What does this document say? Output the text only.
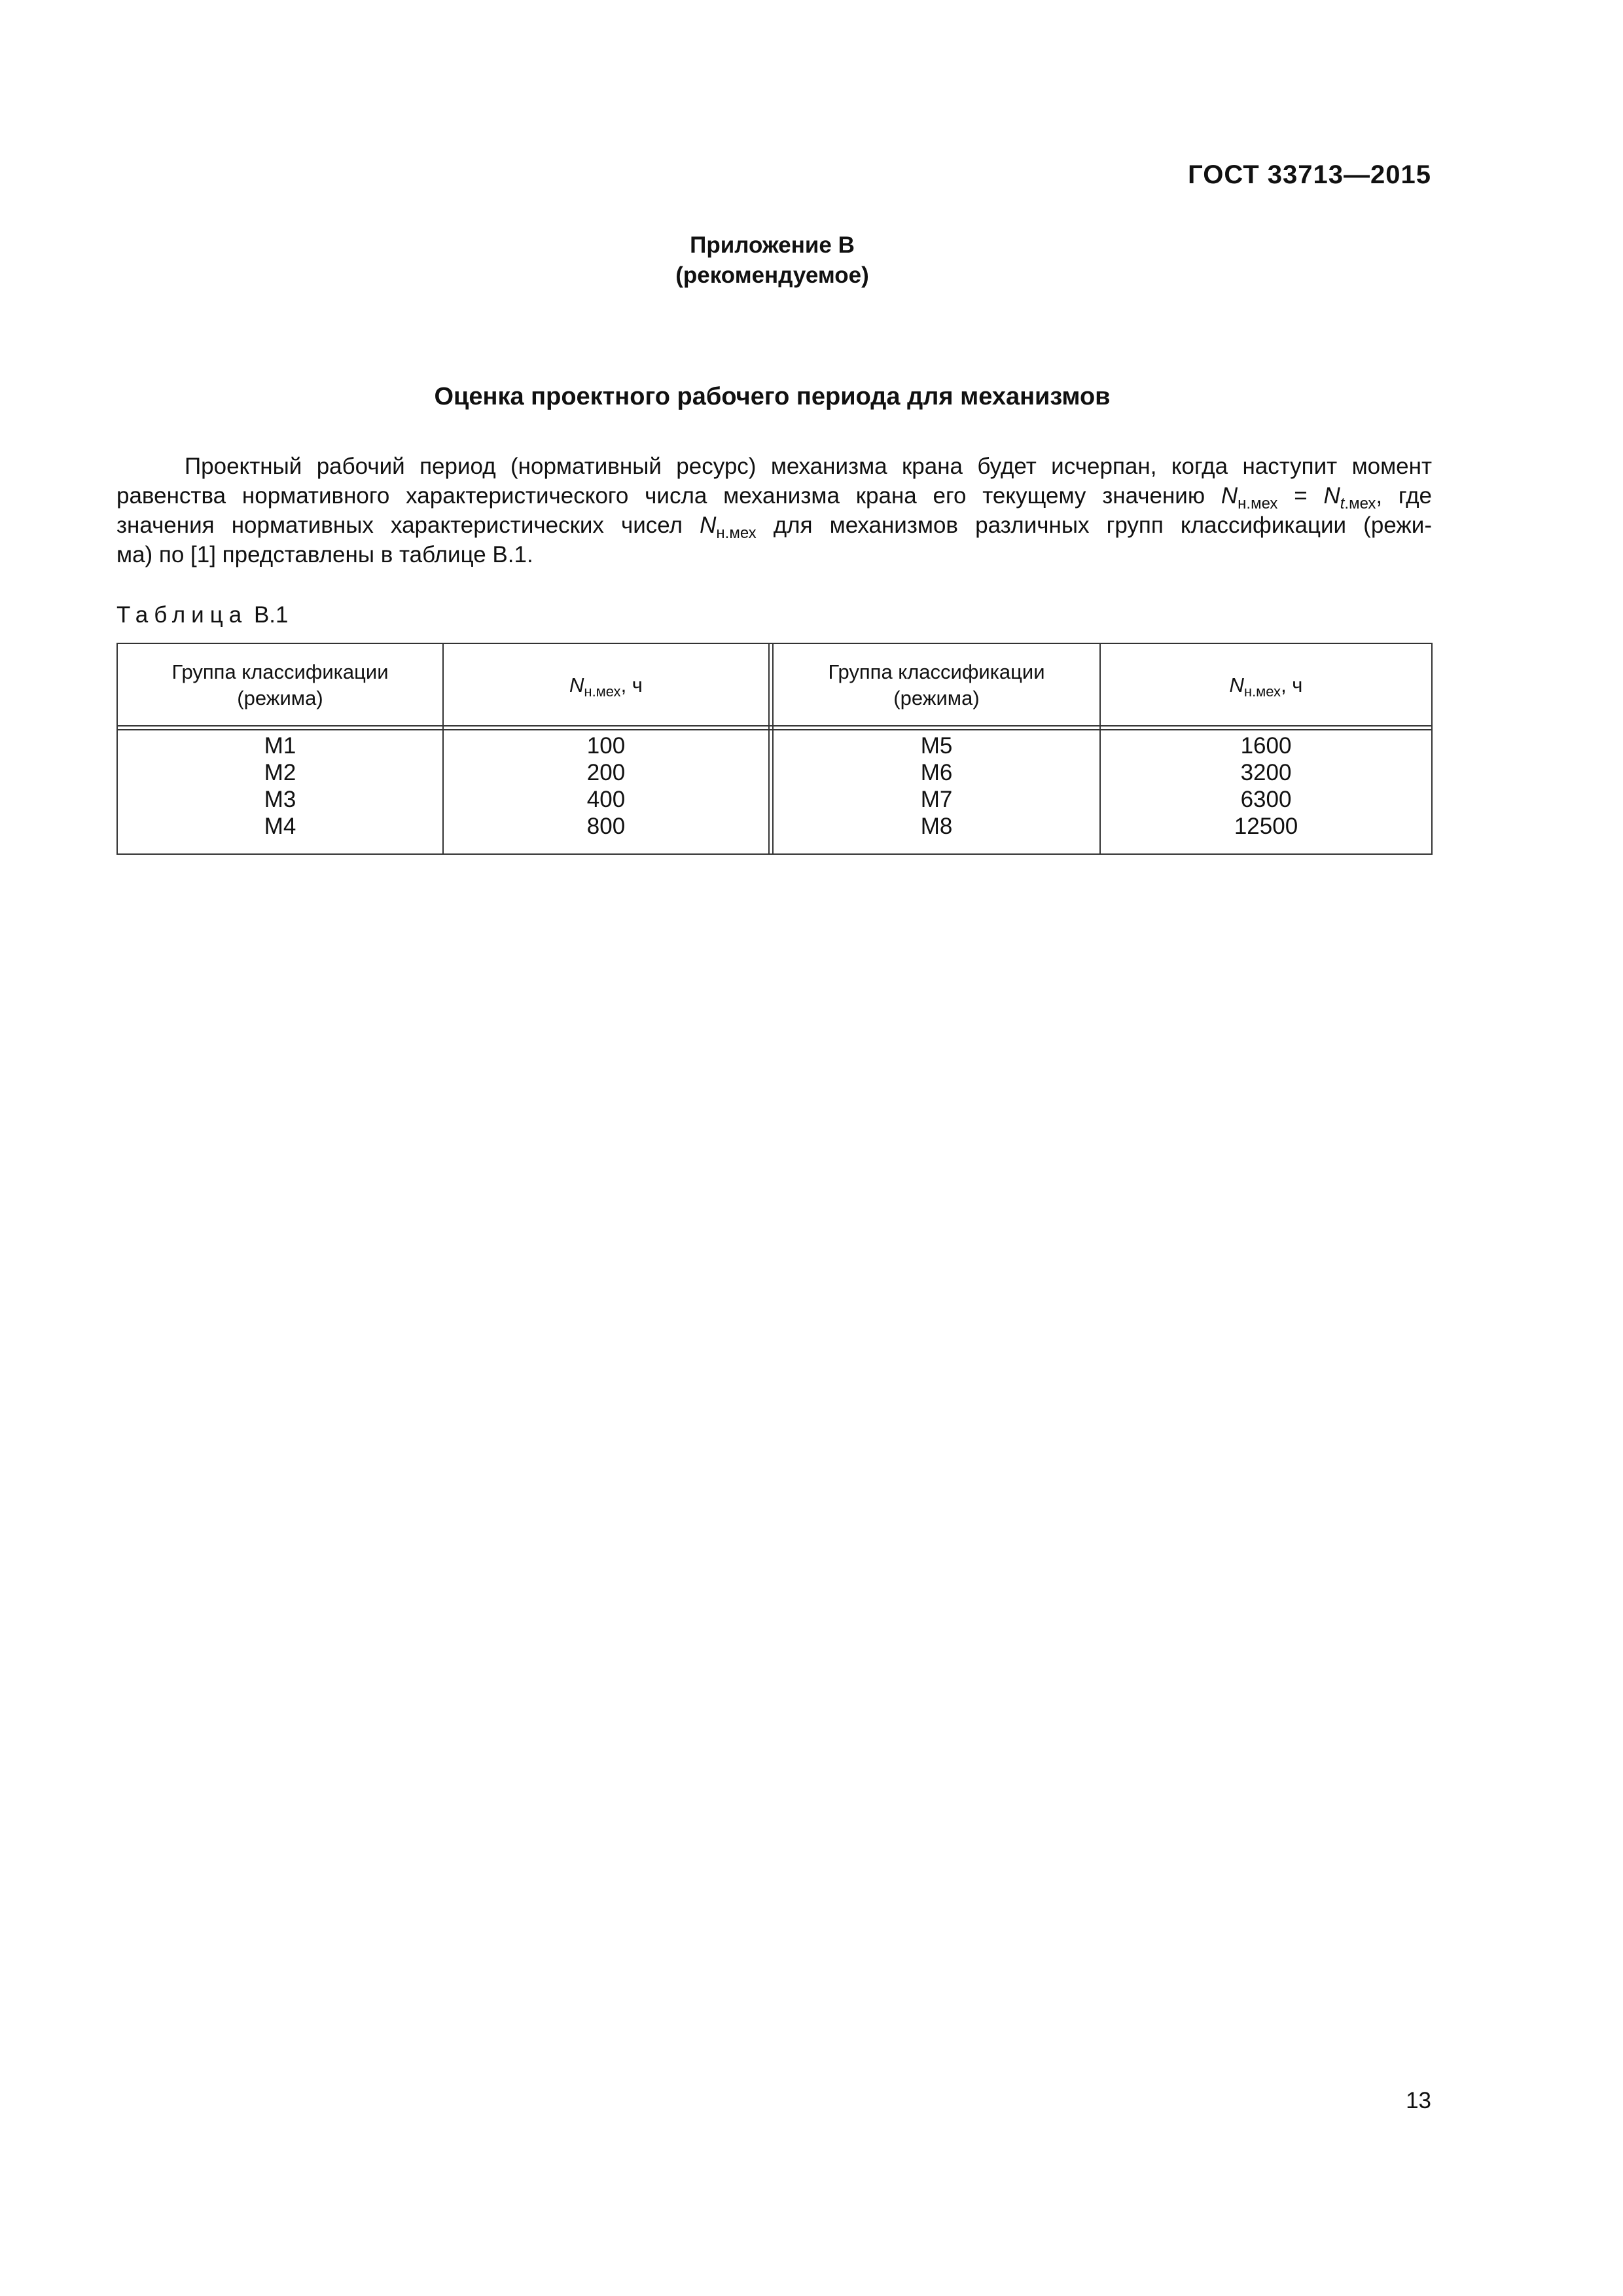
ГОСТ 33713—2015
Приложение В
(рекомендуемое)
Оценка проектного рабочего периода для механизмов
Проектный рабочий период (нормативный ресурс) механизма крана будет исчерпан, когда наступит момент
равенства нормативного характеристического числа механизма крана его текущему значению $N_{н.мех} = N_{t.мех}$, где
значения нормативных характеристических чисел $N_{н.мех}$ для механизмов различных групп классификации (режи-
ма) по [1] представлены в таблице В.1.
Таблица В.1
Группа классификации
(режима)
$N_{н.мех}$, ч
Группа классификации
(режима)
$N_{н.мех}$, ч
М1
М2
М3
М4
100
200
400
800
М5
М6
М7
М8
1600
3200
6300
12500
13
